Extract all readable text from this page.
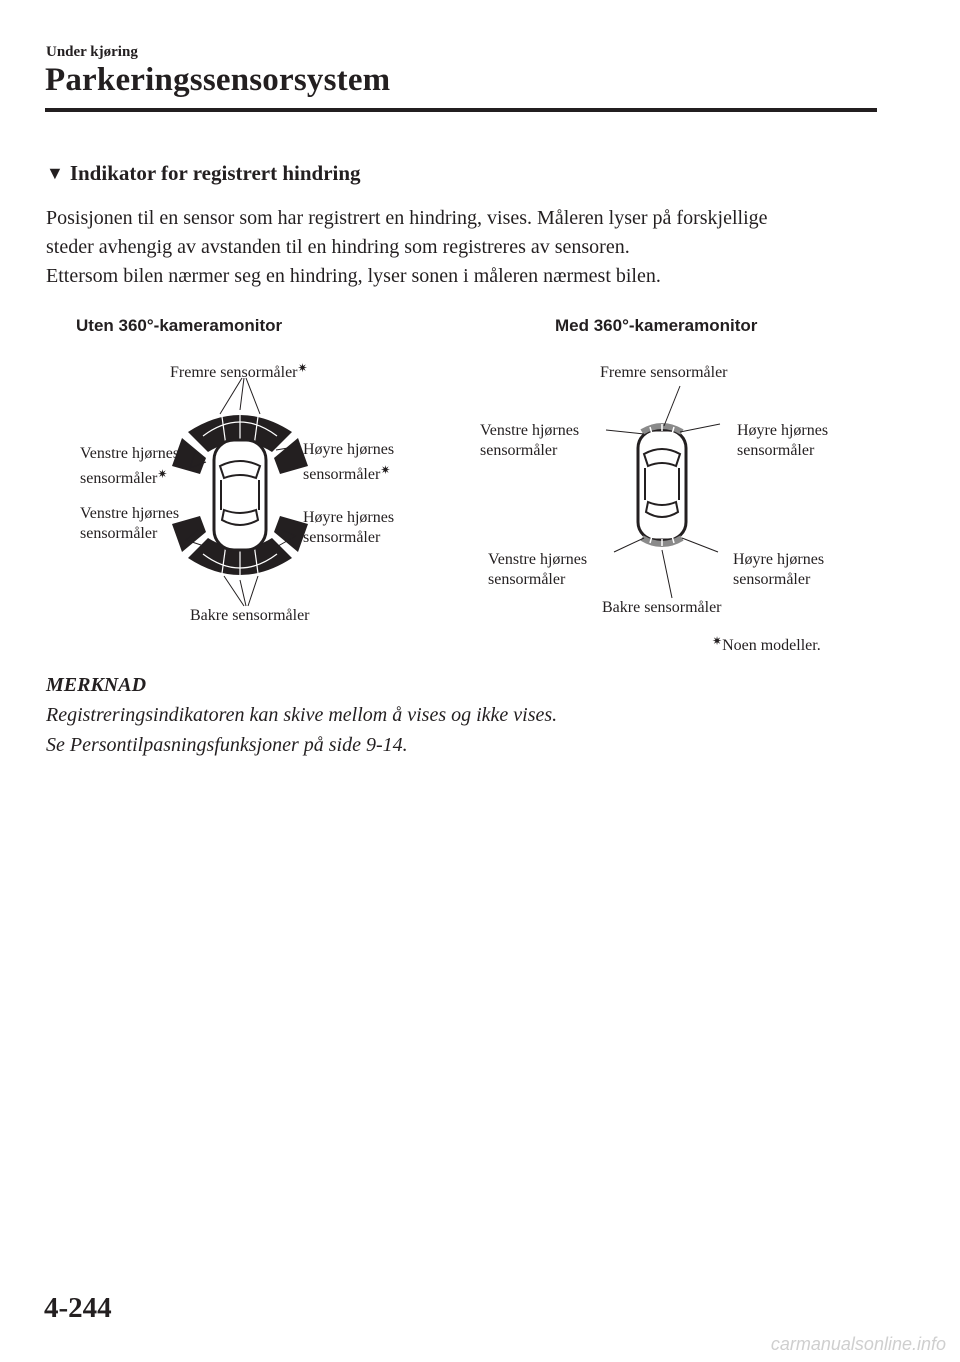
Under kjøring
Parkeringssensorsystem
▼ Indikator for registrert hindring

Posisjonen til en sensor som har registrert en hindring, vises. Måleren lyser på forskjellige

steder avhengig av avstanden til en hindring som registreres av sensoren.

Ettersom bilen nærmer seg en hindring, lyser sonen i måleren nærmest bilen.

Uten 360°-kameramonitor
Fremre sensormåler✷
Venstre hjørnes
sensormåler✷
Høyre hjørnes
sensormåler✷
Venstre hjørnes
sensormåler
Høyre hjørnes
sensormåler
Bakre sensormåler
Med 360°-kameramonitor
Fremre sensormåler
Venstre hjørnes
sensormåler
Høyre hjørnes
sensormåler
Venstre hjørnes
sensormåler
Høyre hjørnes
sensormåler
Bakre sensormåler
✷Noen modeller.
MERKNAD

Registreringsindikatoren kan skive mellom å vises og ikke vises.

Se Persontilpasningsfunksjoner på side 9-14.

4-244
carmanualsonline.info
